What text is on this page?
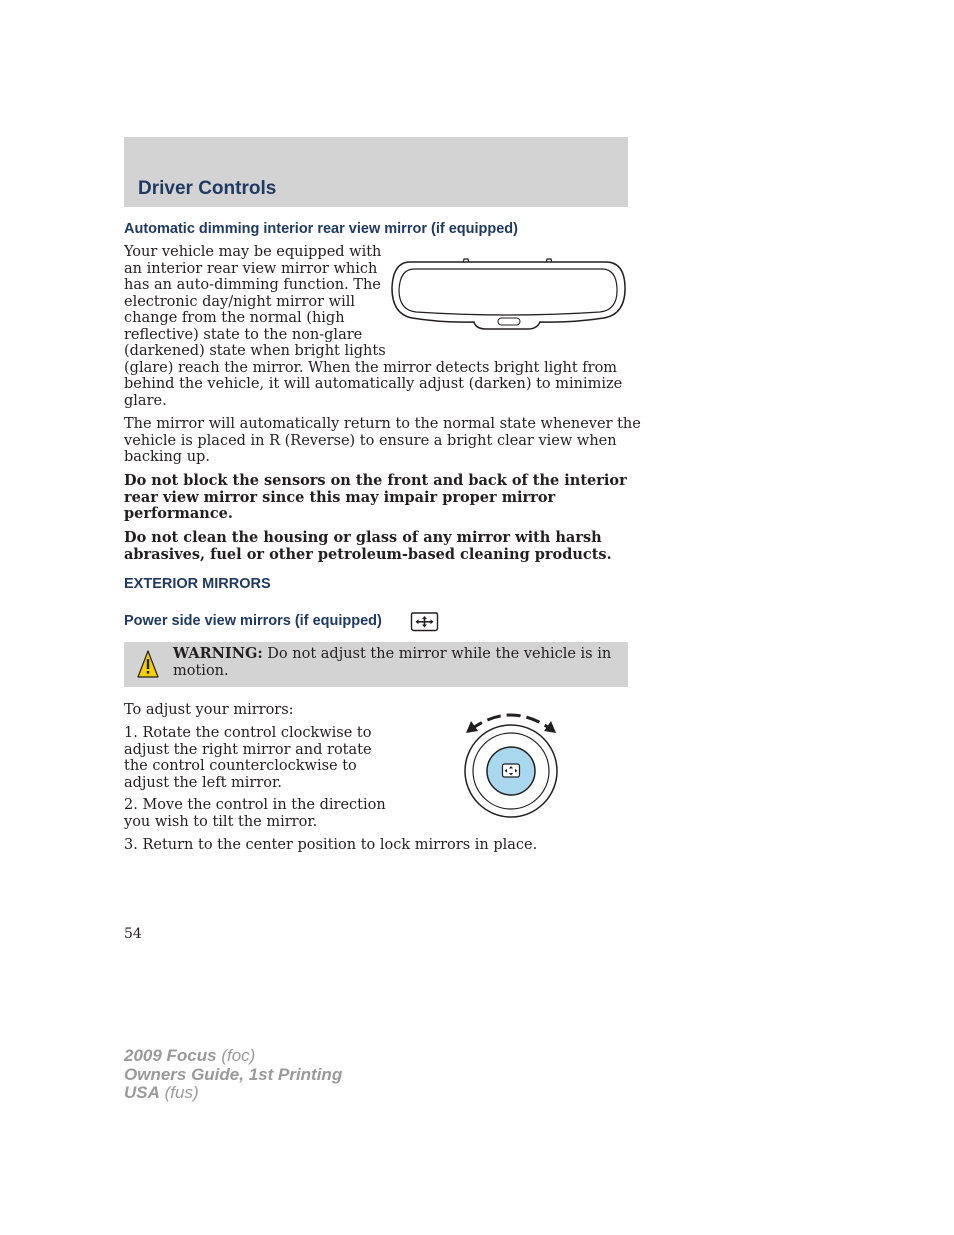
Driver Controls
Automatic dimming interior rear view mirror (if equipped)

Your vehicle may be equipped with

an interior rear view mirror which

has an auto-dimming function. The

electronic day/night mirror will

change from the normal (high

reflective) state to the non-glare

(darkened) state when bright lights

(glare) reach the mirror. When the mirror detects bright light from

behind the vehicle, it will automatically adjust (darken) to minimize

glare.

The mirror will automatically return to the normal state whenever the

vehicle is placed in R (Reverse) to ensure a bright clear view when

backing up.

Do not block the sensors on the front and back of the interior

rear view mirror since this may impair proper mirror

performance.

Do not clean the housing or glass of any mirror with harsh

abrasives, fuel or other petroleum-based cleaning products.

EXTERIOR MIRRORS
Power side view mirrors (if equipped)

WARNING: Do not adjust the mirror while the vehicle is in
motion.

To adjust your mirrors:

1. Rotate the control clockwise to

adjust the right mirror and rotate

the control counterclockwise to

adjust the left mirror.

2. Move the control in the direction

you wish to tilt the mirror.

3. Return to the center position to lock mirrors in place.

54

2009 Focus (foc)
Owners Guide, 1st Printing
USA (fus)
